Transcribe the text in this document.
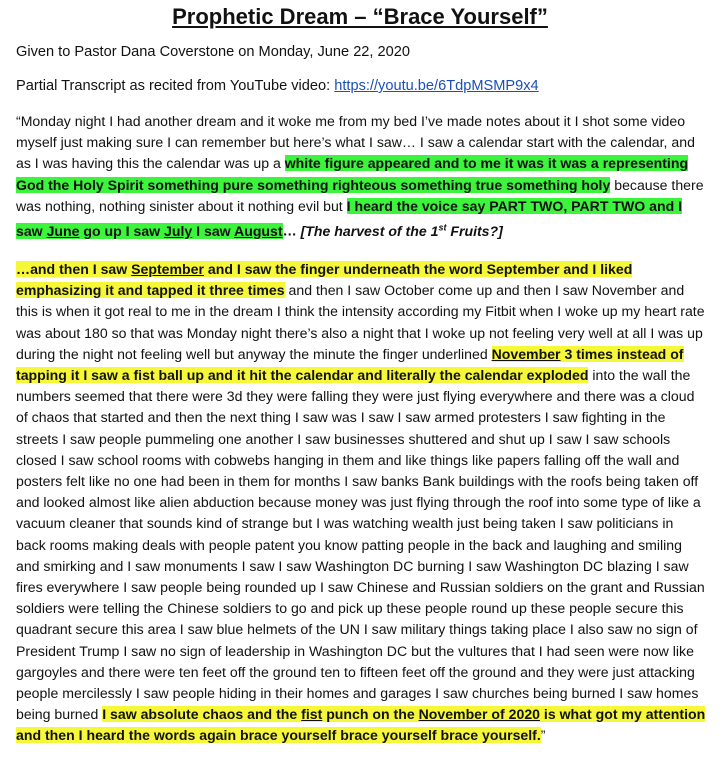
Prophetic Dream – “Brace Yourself”
Given to Pastor Dana Coverstone on Monday, June 22, 2020
Partial Transcript as recited from YouTube video: https://youtu.be/6TdpMSMP9x4
“Monday night I had another dream and it woke me from my bed I’ve made notes about it I shot some video myself just making sure I can remember but here’s what I saw… I saw a calendar start with the calendar, and as I was having this the calendar was up a white figure appeared and to me it was it was a representing God the Holy Spirit something pure something righteous something true something holy because there was nothing, nothing sinister about it nothing evil but I heard the voice say PART TWO, PART TWO and I saw June go up I saw July I saw August… [The harvest of the 1st Fruits?]
…and then I saw September and I saw the finger underneath the word September and I liked emphasizing it and tapped it three times and then I saw October come up and then I saw November and this is when it got real to me in the dream I think the intensity according my Fitbit when I woke up my heart rate was about 180 so that was Monday night there’s also a night that I woke up not feeling very well at all I was up during the night not feeling well but anyway the minute the finger underlined November 3 times instead of tapping it I saw a fist ball up and it hit the calendar and literally the calendar exploded into the wall the numbers seemed that there were 3d they were falling they were just flying everywhere and there was a cloud of chaos that started and then the next thing I saw was I saw I saw armed protesters I saw fighting in the streets I saw people pummeling one another I saw businesses shuttered and shut up I saw I saw schools closed I saw school rooms with cobwebs hanging in them and like things like papers falling off the wall and posters felt like no one had been in them for months I saw banks Bank buildings with the roofs being taken off and looked almost like alien abduction because money was just flying through the roof into some type of like a vacuum cleaner that sounds kind of strange but I was watching wealth just being taken I saw politicians in back rooms making deals with people patent you know patting people in the back and laughing and smiling and smirking and I saw monuments I saw I saw Washington DC burning I saw Washington DC blazing I saw fires everywhere I saw people being rounded up I saw Chinese and Russian soldiers on the grant and Russian soldiers were telling the Chinese soldiers to go and pick up these people round up these people secure this quadrant secure this area I saw blue helmets of the UN I saw military things taking place I also saw no sign of President Trump I saw no sign of leadership in Washington DC but the vultures that I had seen were now like gargoyles and there were ten feet off the ground ten to fifteen feet off the ground and they were just attacking people mercilessly I saw people hiding in their homes and garages I saw churches being burned I saw homes being burned I saw absolute chaos and the fist punch on the November of 2020 is what got my attention and then I heard the words again brace yourself brace yourself brace yourself.”
